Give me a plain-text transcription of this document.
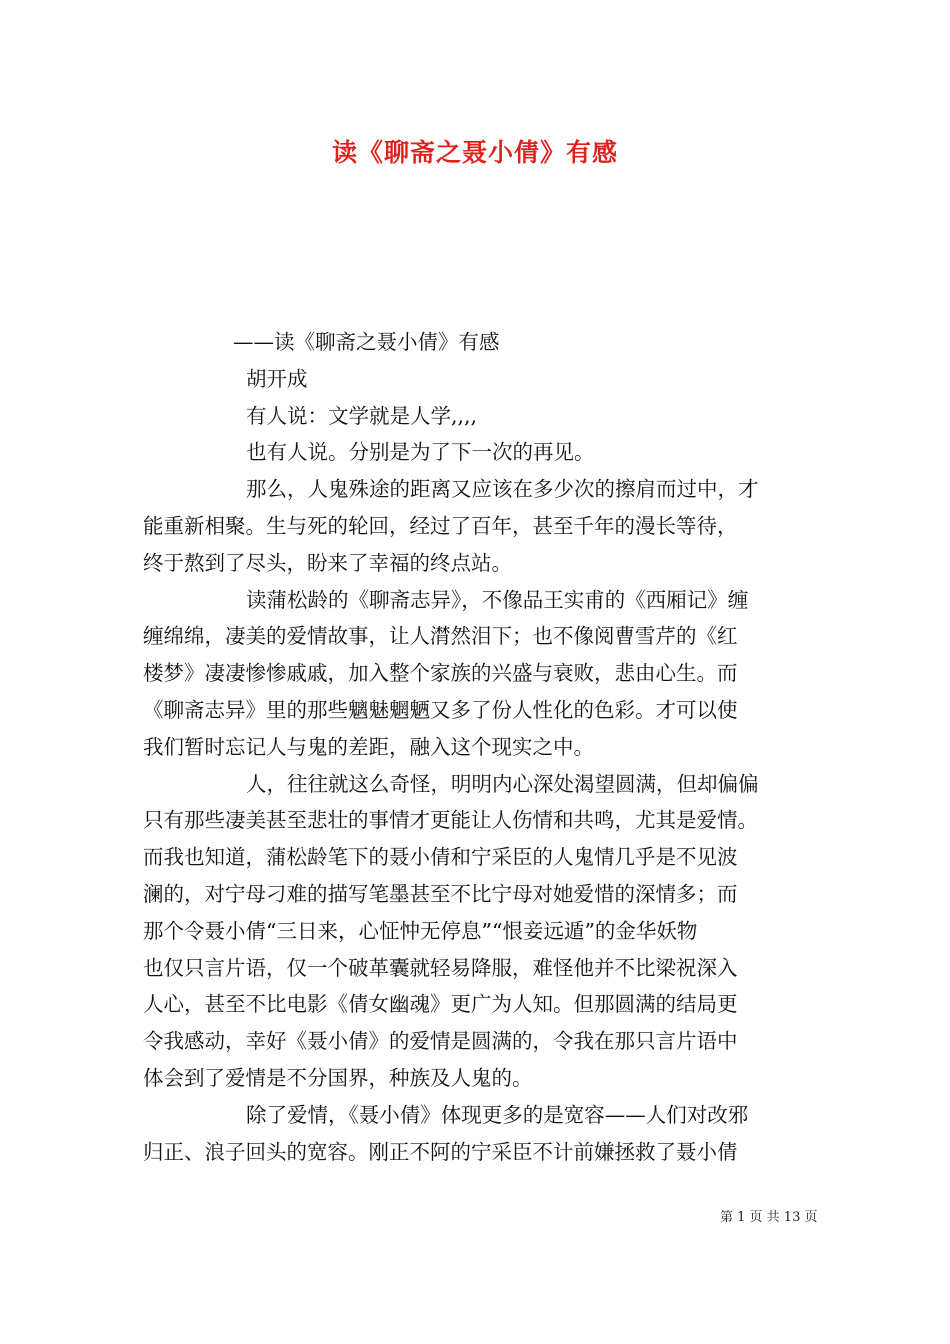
读《聊斋之聂小倩》有感

——读《聊斋之聂小倩》有感

胡开成

有人说：文学就是人学,,,,

也有人说。分别是为了下一次的再见。

那么，人鬼殊途的距离又应该在多少次的擦肩而过中，才

能重新相聚。生与死的轮回，经过了百年，甚至千年的漫长等待，

终于熬到了尽头，盼来了幸福的终点站。

读蒲松龄的《聊斋志异》，不像品王实甫的《西厢记》缠

缠绵绵，凄美的爱情故事，让人潸然泪下；也不像阅曹雪芹的《红

楼梦》凄凄惨惨戚戚，加入整个家族的兴盛与衰败，悲由心生。而

《聊斋志异》里的那些魑魅魍魉又多了份人性化的色彩。才可以使

我们暂时忘记人与鬼的差距，融入这个现实之中。

人，往往就这么奇怪，明明内心深处渴望圆满，但却偏偏

只有那些凄美甚至悲壮的事情才更能让人伤情和共鸣，尤其是爱情。

而我也知道，蒲松龄笔下的聂小倩和宁采臣的人鬼情几乎是不见波

澜的，对宁母刁难的描写笔墨甚至不比宁母对她爱惜的深情多；而

那个令聂小倩“三日来，心怔忡无停息”“恨妾远遁”的金华妖物

也仅只言片语，仅一个破革囊就轻易降服，难怪他并不比梁祝深入

人心，甚至不比电影《倩女幽魂》更广为人知。但那圆满的结局更

令我感动，幸好《聂小倩》的爱情是圆满的，令我在那只言片语中

体会到了爱情是不分国界，种族及人鬼的。

除了爱情，《聂小倩》体现更多的是宽容——人们对改邪

归正、浪子回头的宽容。刚正不阿的宁采臣不计前嫌拯救了聂小倩

第 1 页 共 13 页
